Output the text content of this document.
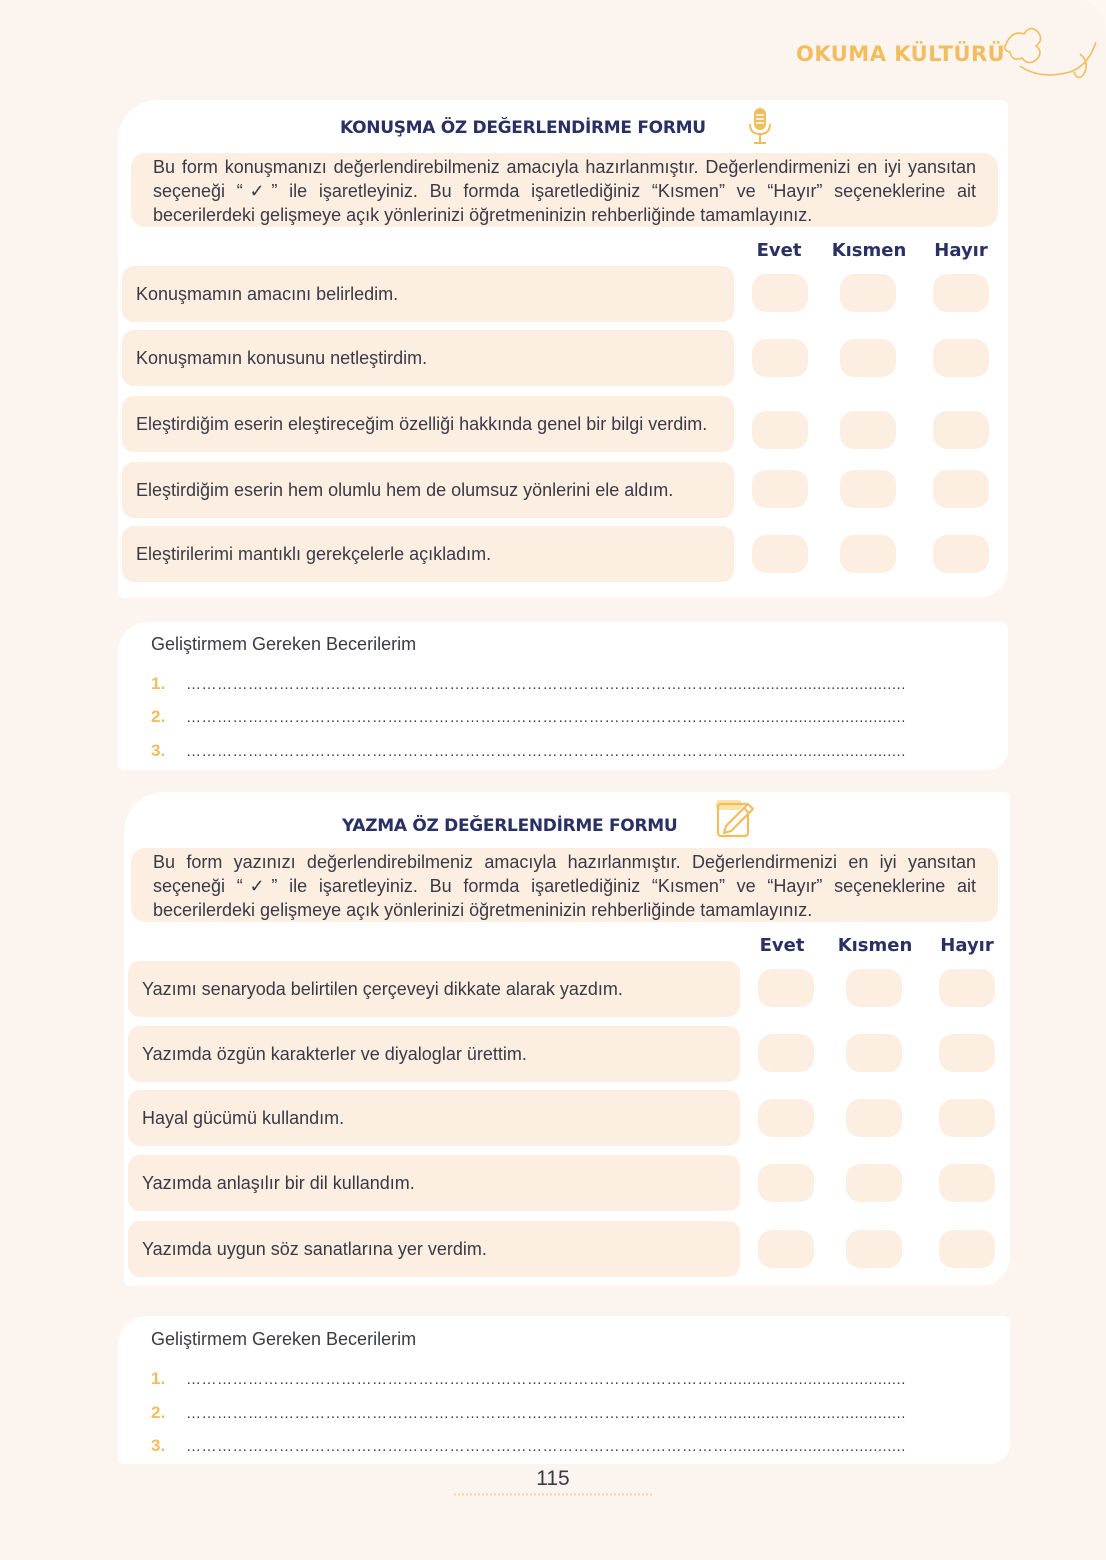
OKUMA KÜLTÜRÜ
KONUŞMA ÖZ DEĞERLENDİRME FORMU
Bu form konuşmanızı değerlendirebilmeniz amacıyla hazırlanmıştır. Değerlendirmenizi en iyi yansıtan seçeneği “✓” ile işaretleyiniz. Bu formda işaretlediğiniz “Kısmen” ve “Hayır” seçeneklerine ait becerilerdeki gelişmeye açık yönlerinizi öğretmeninizin rehberliğinde tamamlayınız.
Evet	Kısmen	Hayır
Konuşmamın amacını belirledim.
Konuşmamın konusunu netleştirdim.
Eleştirdiğim eserin eleştireceğim özelliği hakkında genel bir bilgi verdim.
Eleştirdiğim eserin hem olumlu hem de olumsuz yönlerini ele aldım.
Eleştirilerimi mantıklı gerekçelerle açıkladım.
Geliştirmem Gereken Becerilerim
1. ……………………………………………………………………………………………......................................
2. ……………………………………………………………………………………………......................................
3. ……………………………………………………………………………………………......................................
YAZMA ÖZ DEĞERLENDİRME FORMU
Bu form yazınızı değerlendirebilmeniz amacıyla hazırlanmıştır. Değerlendirmenizi en iyi yansıtan seçeneği “✓” ile işaretleyiniz. Bu formda işaretlediğiniz “Kısmen” ve “Hayır” seçeneklerine ait becerilerdeki gelişmeye açık yönlerinizi öğretmeninizin rehberliğinde tamamlayınız.
Evet	Kısmen	Hayır
Yazımı senaryoda belirtilen çerçeveyi dikkate alarak yazdım.
Yazımda özgün karakterler ve diyaloglar ürettim.
Hayal gücümü kullandım.
Yazımda anlaşılır bir dil kullandım.
Yazımda uygun söz sanatlarına yer verdim.
Geliştirmem Gereken Becerilerim
1. ……………………………………………………………………………………………......................................
2. ……………………………………………………………………………………………......................................
3. ……………………………………………………………………………………………......................................
115
